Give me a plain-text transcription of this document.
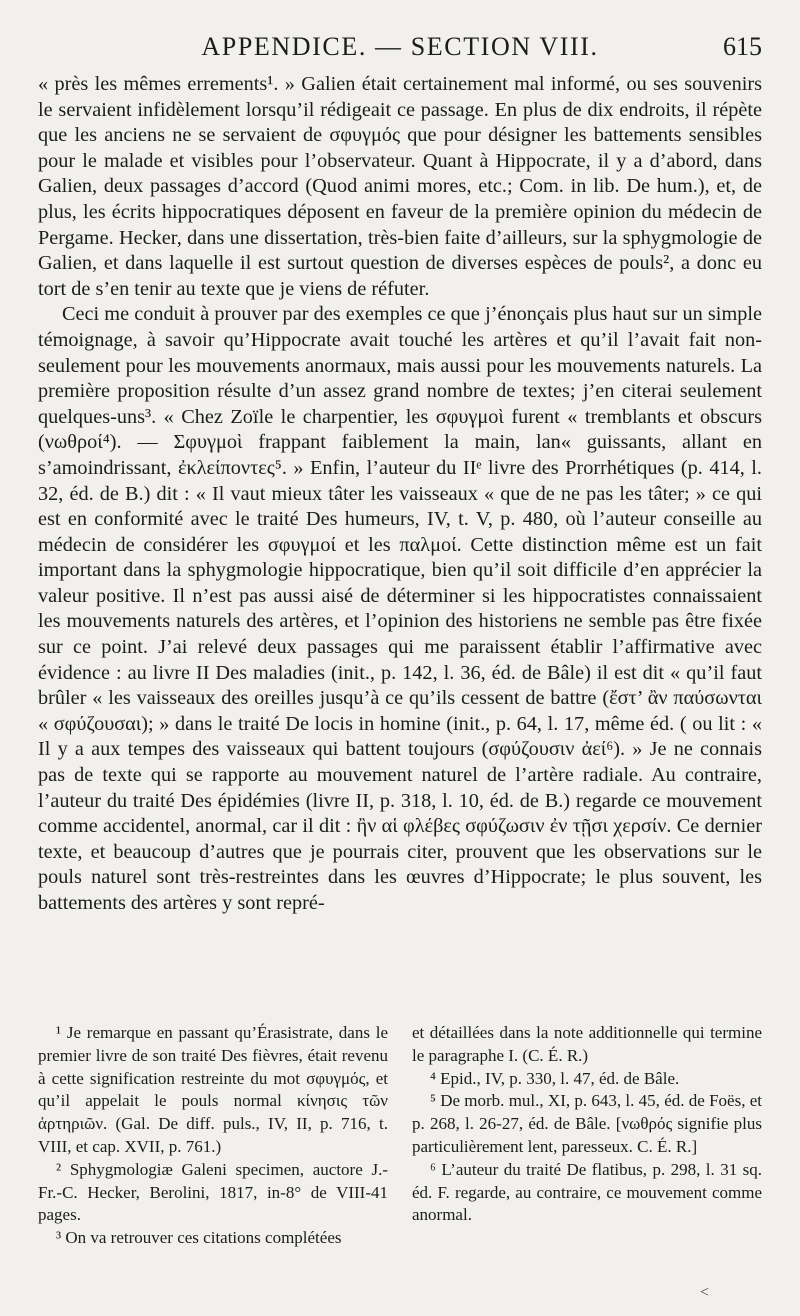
APPENDICE. — SECTION VIII.	615

« près les mêmes errements¹. » Galien était certainement mal informé, ou ses souvenirs le servaient infidèlement lorsqu’il rédigeait ce passage. En plus de dix endroits, il répète que les anciens ne se servaient de σφυγμός que pour désigner les battements sensibles pour le malade et visibles pour l’observateur. Quant à Hippocrate, il y a d’abord, dans Galien, deux passages d’accord (Quod animi mores, etc.; Com. in lib. De hum.), et, de plus, les écrits hippocratiques déposent en faveur de la première opinion du médecin de Pergame. Hecker, dans une dissertation, très-bien faite d’ailleurs, sur la sphygmologie de Galien, et dans laquelle il est surtout question de diverses espèces de pouls², a donc eu tort de s’en tenir au texte que je viens de réfuter.

Ceci me conduit à prouver par des exemples ce que j’énonçais plus haut sur un simple témoignage, à savoir qu’Hippocrate avait touché les artères et qu’il l’avait fait non-seulement pour les mouvements anormaux, mais aussi pour les mouvements naturels. La première proposition résulte d’un assez grand nombre de textes; j’en citerai seulement quelques-uns³. « Chez Zoïle le charpentier, les σφυγμοὶ furent « tremblants et obscurs (νωθροί⁴). — Σφυγμοὶ frappant faiblement la main, lan« guissants, allant en s’amoindrissant, ἐκλείποντες⁵. » Enfin, l’auteur du IIᵉ livre des Prorrhétiques (p. 414, l. 32, éd. de B.) dit : « Il vaut mieux tâter les vaisseaux « que de ne pas les tâter; » ce qui est en conformité avec le traité Des humeurs, IV, t. V, p. 480, où l’auteur conseille au médecin de considérer les σφυγμοί et les παλμοί. Cette distinction même est un fait important dans la sphygmologie hippocratique, bien qu’il soit difficile d’en apprécier la valeur positive. Il n’est pas aussi aisé de déterminer si les hippocratistes connaissaient les mouvements naturels des artères, et l’opinion des historiens ne semble pas être fixée sur ce point. J’ai relevé deux passages qui me paraissent établir l’affirmative avec évidence : au livre II Des maladies (init., p. 142, l. 36, éd. de Bâle) il est dit « qu’il faut brûler « les vaisseaux des oreilles jusqu’à ce qu’ils cessent de battre (ἔστ’ ἂν παύσωνται « σφύζουσαι); » dans le traité De locis in homine (init., p. 64, l. 17, même éd. ( ou lit : « Il y a aux tempes des vaisseaux qui battent toujours (σφύζουσιν ἀεί⁶). » Je ne connais pas de texte qui se rapporte au mouvement naturel de l’artère radiale. Au contraire, l’auteur du traité Des épidémies (livre II, p. 318, l. 10, éd. de B.) regarde ce mouvement comme accidentel, anormal, car il dit : ἢν αἱ φλέβες σφύζωσιν ἐν τῇσι χερσίν. Ce dernier texte, et beaucoup d’autres que je pourrais citer, prouvent que les observations sur le pouls naturel sont très-restreintes dans les œuvres d’Hippocrate; le plus souvent, les battements des artères y sont repré-

¹ Je remarque en passant qu’Érasistrate, dans le premier livre de son traité Des fièvres, était revenu à cette signification restreinte du mot σφυγμός, et qu’il appelait le pouls normal κίνησις τῶν ἀρτηριῶν. (Gal. De diff. puls., IV, II, p. 716, t. VIII, et cap. XVII, p. 761.)

² Sphygmologiæ Galeni specimen, auctore J.-Fr.-C. Hecker, Berolini, 1817, in-8° de VIII-41 pages.

³ On va retrouver ces citations complétées

et détaillées dans la note additionnelle qui termine le paragraphe I. (C. É. R.)

⁴ Epid., IV, p. 330, l. 47, éd. de Bâle.

⁵ De morb. mul., XI, p. 643, l. 45, éd. de Foës, et p. 268, l. 26-27, éd. de Bâle. [νωθρός signifie plus particulièrement lent, paresseux. C. É. R.]

⁶ L’auteur du traité De flatibus, p. 298, l. 31 sq. éd. F. regarde, au contraire, ce mouvement comme anormal.

<
